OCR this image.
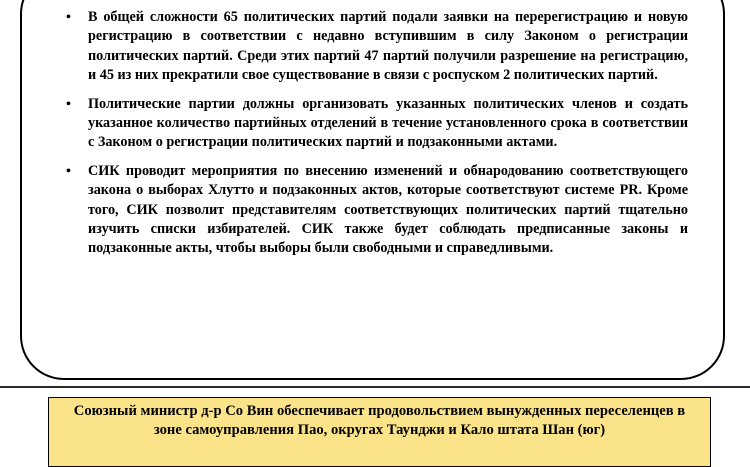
• В общей сложности 65 политических партий подали заявки на перерегистрацию и новую регистрацию в соответствии с недавно вступившим в силу Законом о регистрации политических партий. Среди этих партий 47 партий получили разрешение на регистрацию, и 45 из них прекратили свое существование в связи с роспуском 2 политических партий.
• Политические партии должны организовать указанных политических членов и создать указанное количество партийных отделений в течение установленного срока в соответствии с Законом о регистрации политических партий и подзаконными актами.
• СИК проводит мероприятия по внесению изменений и обнародованию соответствующего закона о выборах Хлутто и подзаконных актов, которые соответствуют системе PR. Кроме того, СИК позволит представителям соответствующих политических партий тщательно изучить списки избирателей. СИК также будет соблюдать предписанные законы и подзаконные акты, чтобы выборы были свободными и справедливыми.
Союзный министр д-р Со Вин обеспечивает продовольствием вынужденных переселенцев в зоне самоуправления Пао, округах Таунджи и Кало штата Шан (юг)
